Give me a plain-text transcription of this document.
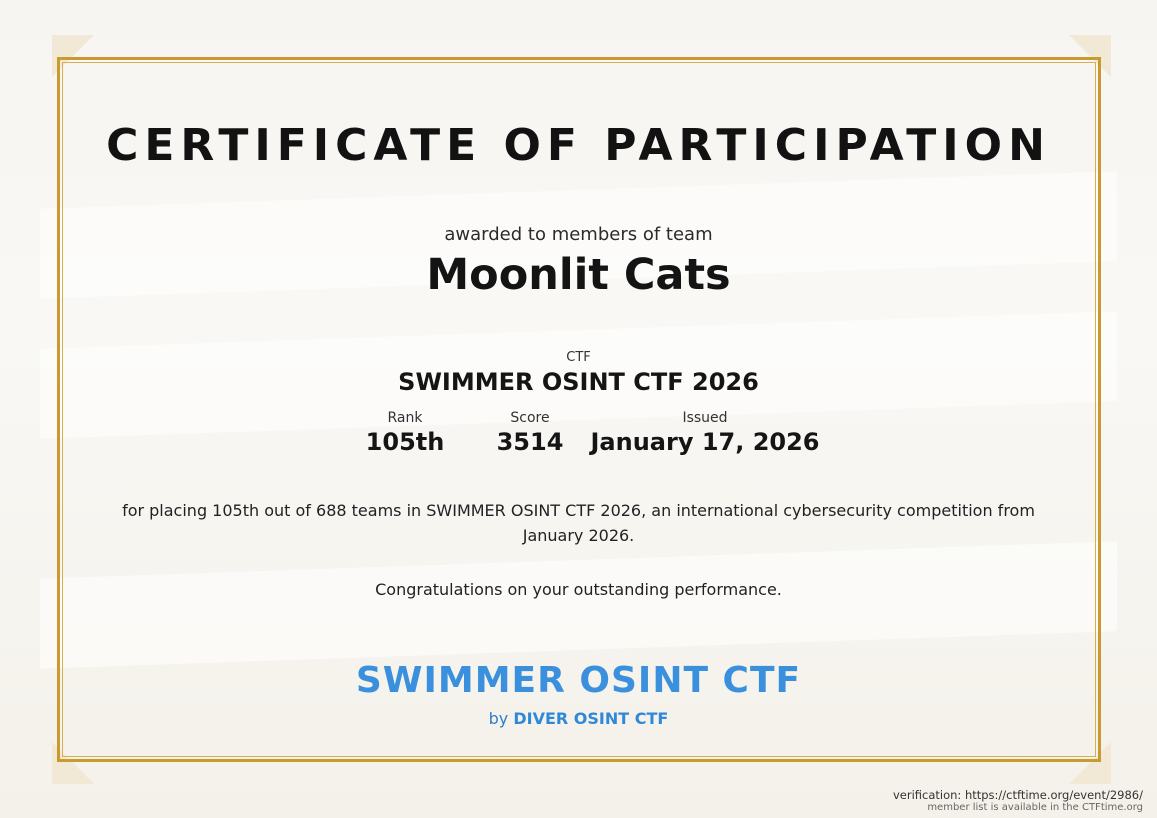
CERTIFICATE OF PARTICIPATION
awarded to members of team
Moonlit Cats
CTF
SWIMMER OSINT CTF 2026
Rank
105th
Score
3514
Issued
January 17, 2026
for placing 105th out of 688 teams in SWIMMER OSINT CTF 2026, an international cybersecurity competition from January 2026.
Congratulations on your outstanding performance.
SWIMMER OSINT CTF
by DIVER OSINT CTF
verification: https://ctftime.org/event/2986/
member list is available in the CTFtime.org
